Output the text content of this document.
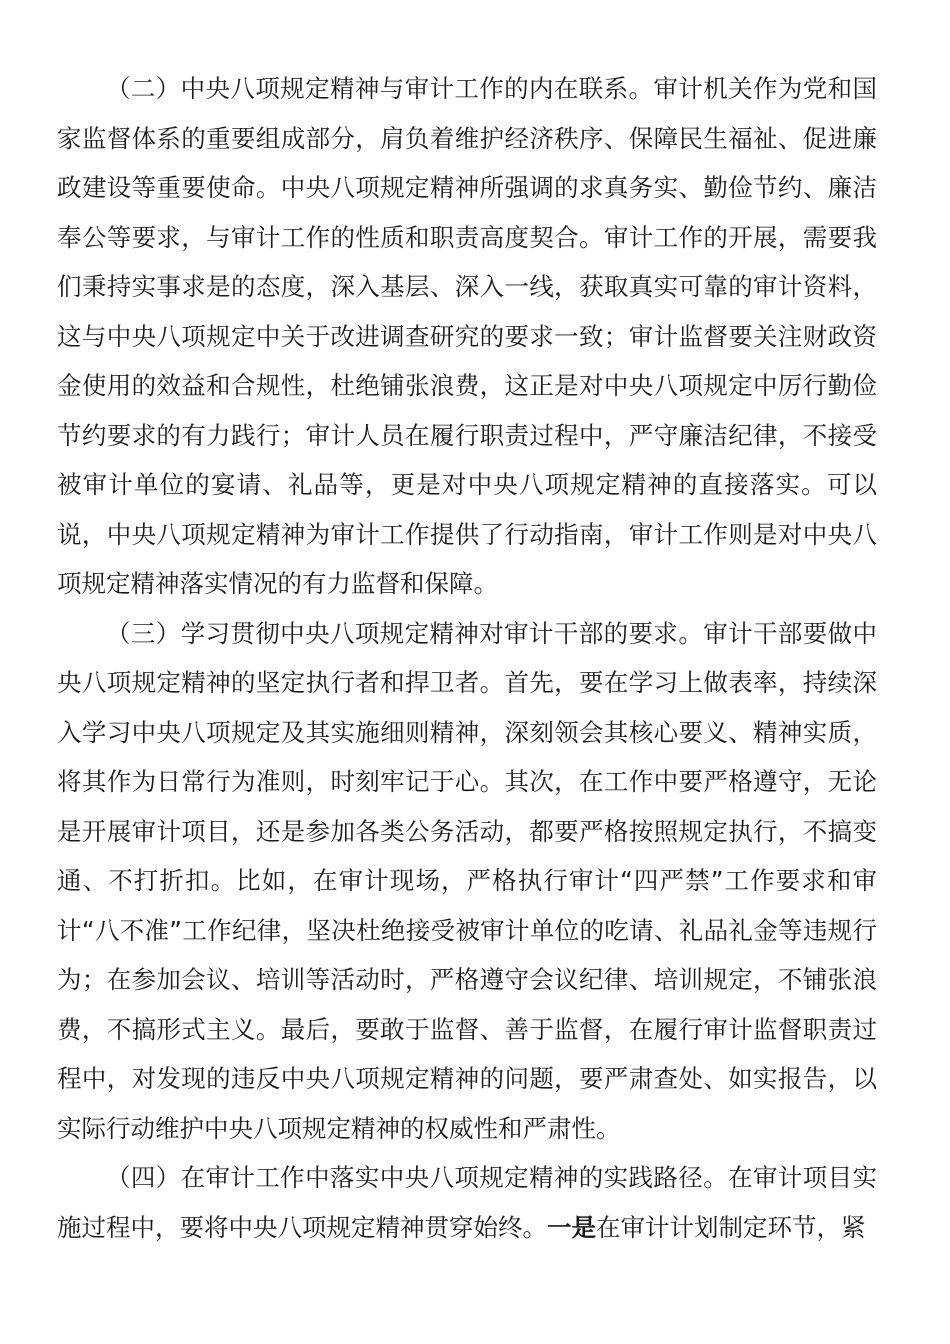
（二）中央八项规定精神与审计工作的内在联系。审计机关作为党和国家监督体系的重要组成部分，肩负着维护经济秩序、保障民生福祉、促进廉政建设等重要使命。中央八项规定精神所强调的求真务实、勤俭节约、廉洁奉公等要求，与审计工作的性质和职责高度契合。审计工作的开展，需要我们秉持实事求是的态度，深入基层、深入一线，获取真实可靠的审计资料，这与中央八项规定中关于改进调查研究的要求一致；审计监督要关注财政资金使用的效益和合规性，杜绝铺张浪费，这正是对中央八项规定中厉行勤俭节约要求的有力践行；审计人员在履行职责过程中，严守廉洁纪律，不接受被审计单位的宴请、礼品等，更是对中央八项规定精神的直接落实。可以说，中央八项规定精神为审计工作提供了行动指南，审计工作则是对中央八项规定精神落实情况的有力监督和保障。

（三）学习贯彻中央八项规定精神对审计干部的要求。审计干部要做中央八项规定精神的坚定执行者和捍卫者。首先，要在学习上做表率，持续深入学习中央八项规定及其实施细则精神，深刻领会其核心要义、精神实质，将其作为日常行为准则，时刻牢记于心。其次，在工作中要严格遵守，无论是开展审计项目，还是参加各类公务活动，都要严格按照规定执行，不搞变通、不打折扣。比如，在审计现场，严格执行审计“四严禁”工作要求和审计“八不准”工作纪律，坚决杜绝接受被审计单位的吃请、礼品礼金等违规行为；在参加会议、培训等活动时，严格遵守会议纪律、培训规定，不铺张浪费，不搞形式主义。最后，要敢于监督、善于监督，在履行审计监督职责过程中，对发现的违反中央八项规定精神的问题，要严肃查处、如实报告，以实际行动维护中央八项规定精神的权威性和严肃性。

（四）在审计工作中落实中央八项规定精神的实践路径。在审计项目实施过程中，要将中央八项规定精神贯穿始终。一是在审计计划制定环节，紧
